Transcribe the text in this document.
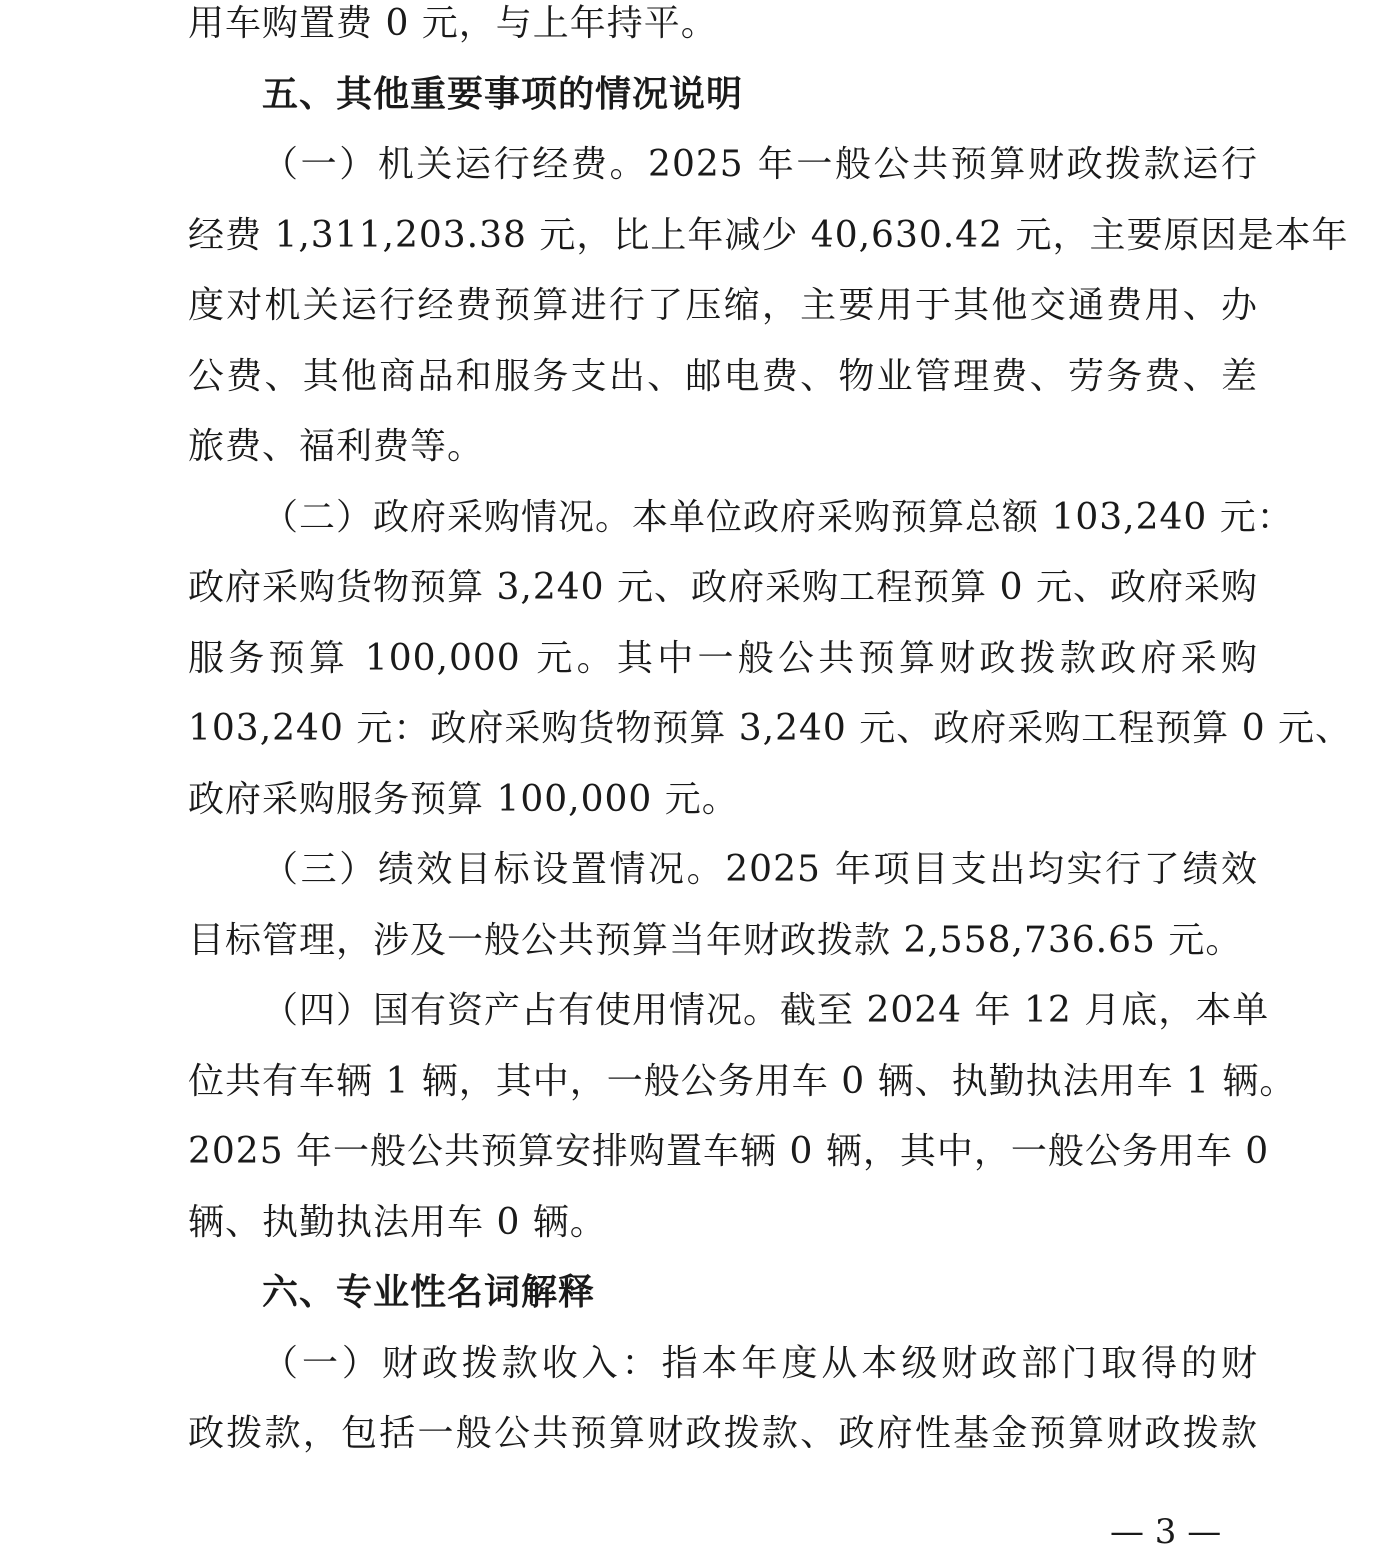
用车购置费 0 元，与上年持平。
五、其他重要事项的情况说明
（一）机关运行经费。2025 年一般公共预算财政拨款运行
经费 1,311,203.38 元，比上年减少 40,630.42 元，主要原因是本年
度对机关运行经费预算进行了压缩，主要用于其他交通费用、办
公费、其他商品和服务支出、邮电费、物业管理费、劳务费、差
旅费、福利费等。
（二）政府采购情况。本单位政府采购预算总额 103,240 元：
政府采购货物预算 3,240 元、政府采购工程预算 0 元、政府采购
服务预算 100,000 元。其中一般公共预算财政拨款政府采购
103,240 元：政府采购货物预算 3,240 元、政府采购工程预算 0 元、
政府采购服务预算 100,000 元。
（三）绩效目标设置情况。2025 年项目支出均实行了绩效
目标管理，涉及一般公共预算当年财政拨款 2,558,736.65 元。
（四）国有资产占有使用情况。截至 2024 年 12 月底，本单
位共有车辆 1 辆，其中，一般公务用车 0 辆、执勤执法用车 1 辆。
2025 年一般公共预算安排购置车辆 0 辆，其中，一般公务用车 0
辆、执勤执法用车 0 辆。
六、专业性名词解释
（一）财政拨款收入：指本年度从本级财政部门取得的财
政拨款，包括一般公共预算财政拨款、政府性基金预算财政拨款
— 3 —
